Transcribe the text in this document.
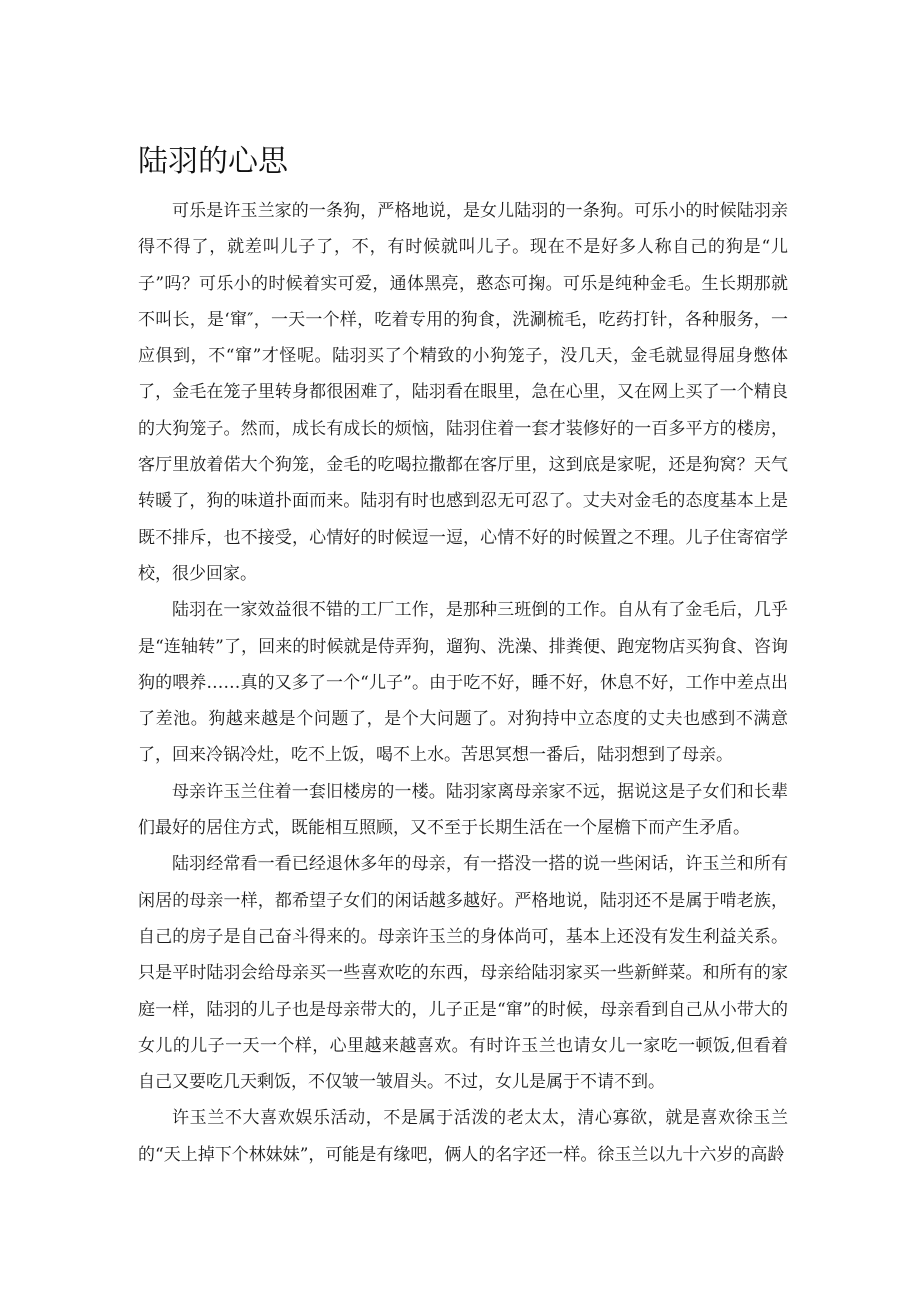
陆羽的心思

可乐是许玉兰家的一条狗，严格地说，是女儿陆羽的一条狗。可乐小的时候陆羽亲得不得了，就差叫儿子了，不，有时候就叫儿子。现在不是好多人称自己的狗是“儿子”吗？可乐小的时候着实可爱，通体黑亮，憨态可掬。可乐是纯种金毛。生长期那就不叫长，是‘窜″，一天一个样，吃着专用的狗食，洗涮梳毛，吃药打针，各种服务，一应俱到，不“窜”才怪呢。陆羽买了个精致的小狗笼子，没几天，金毛就显得屈身憋体了，金毛在笼子里转身都很困难了，陆羽看在眼里，急在心里，又在网上买了一个精良的大狗笼子。然而，成长有成长的烦恼，陆羽住着一套才装修好的一百多平方的楼房，客厅里放着偌大个狗笼，金毛的吃喝拉撒都在客厅里，这到底是家呢，还是狗窝？天气转暖了，狗的味道扑面而来。陆羽有时也感到忍无可忍了。丈夫对金毛的态度基本上是既不排斥，也不接受，心情好的时候逗一逗，心情不好的时候置之不理。儿子住寄宿学校，很少回家。

陆羽在一家效益很不错的工厂工作，是那种三班倒的工作。自从有了金毛后，几乎是“连轴转”了，回来的时候就是侍弄狗，遛狗、洗澡、排粪便、跑宠物店买狗食、咨询狗的喂养……真的又多了一个“儿子”。由于吃不好，睡不好，休息不好，工作中差点出了差池。狗越来越是个问题了，是个大问题了。对狗持中立态度的丈夫也感到不满意了，回来冷锅冷灶，吃不上饭，喝不上水。苦思冥想一番后，陆羽想到了母亲。

母亲许玉兰住着一套旧楼房的一楼。陆羽家离母亲家不远，据说这是子女们和长辈们最好的居住方式，既能相互照顾，又不至于长期生活在一个屋檐下而产生矛盾。

陆羽经常看一看已经退休多年的母亲，有一搭没一搭的说一些闲话，许玉兰和所有闲居的母亲一样，都希望子女们的闲话越多越好。严格地说，陆羽还不是属于啃老族，自己的房子是自己奋斗得来的。母亲许玉兰的身体尚可，基本上还没有发生利益关系。只是平时陆羽会给母亲买一些喜欢吃的东西，母亲给陆羽家买一些新鲜菜。和所有的家庭一样，陆羽的儿子也是母亲带大的，儿子正是“窜”的时候，母亲看到自己从小带大的女儿的儿子一天一个样，心里越来越喜欢。有时许玉兰也请女儿一家吃一顿饭,但看着自己又要吃几天剩饭，不仅皱一皱眉头。不过，女儿是属于不请不到。

许玉兰不大喜欢娱乐活动，不是属于活泼的老太太，清心寡欲，就是喜欢徐玉兰的“天上掉下个林妹妹”，可能是有缘吧，俩人的名字还一样。徐玉兰以九十六岁的高龄
